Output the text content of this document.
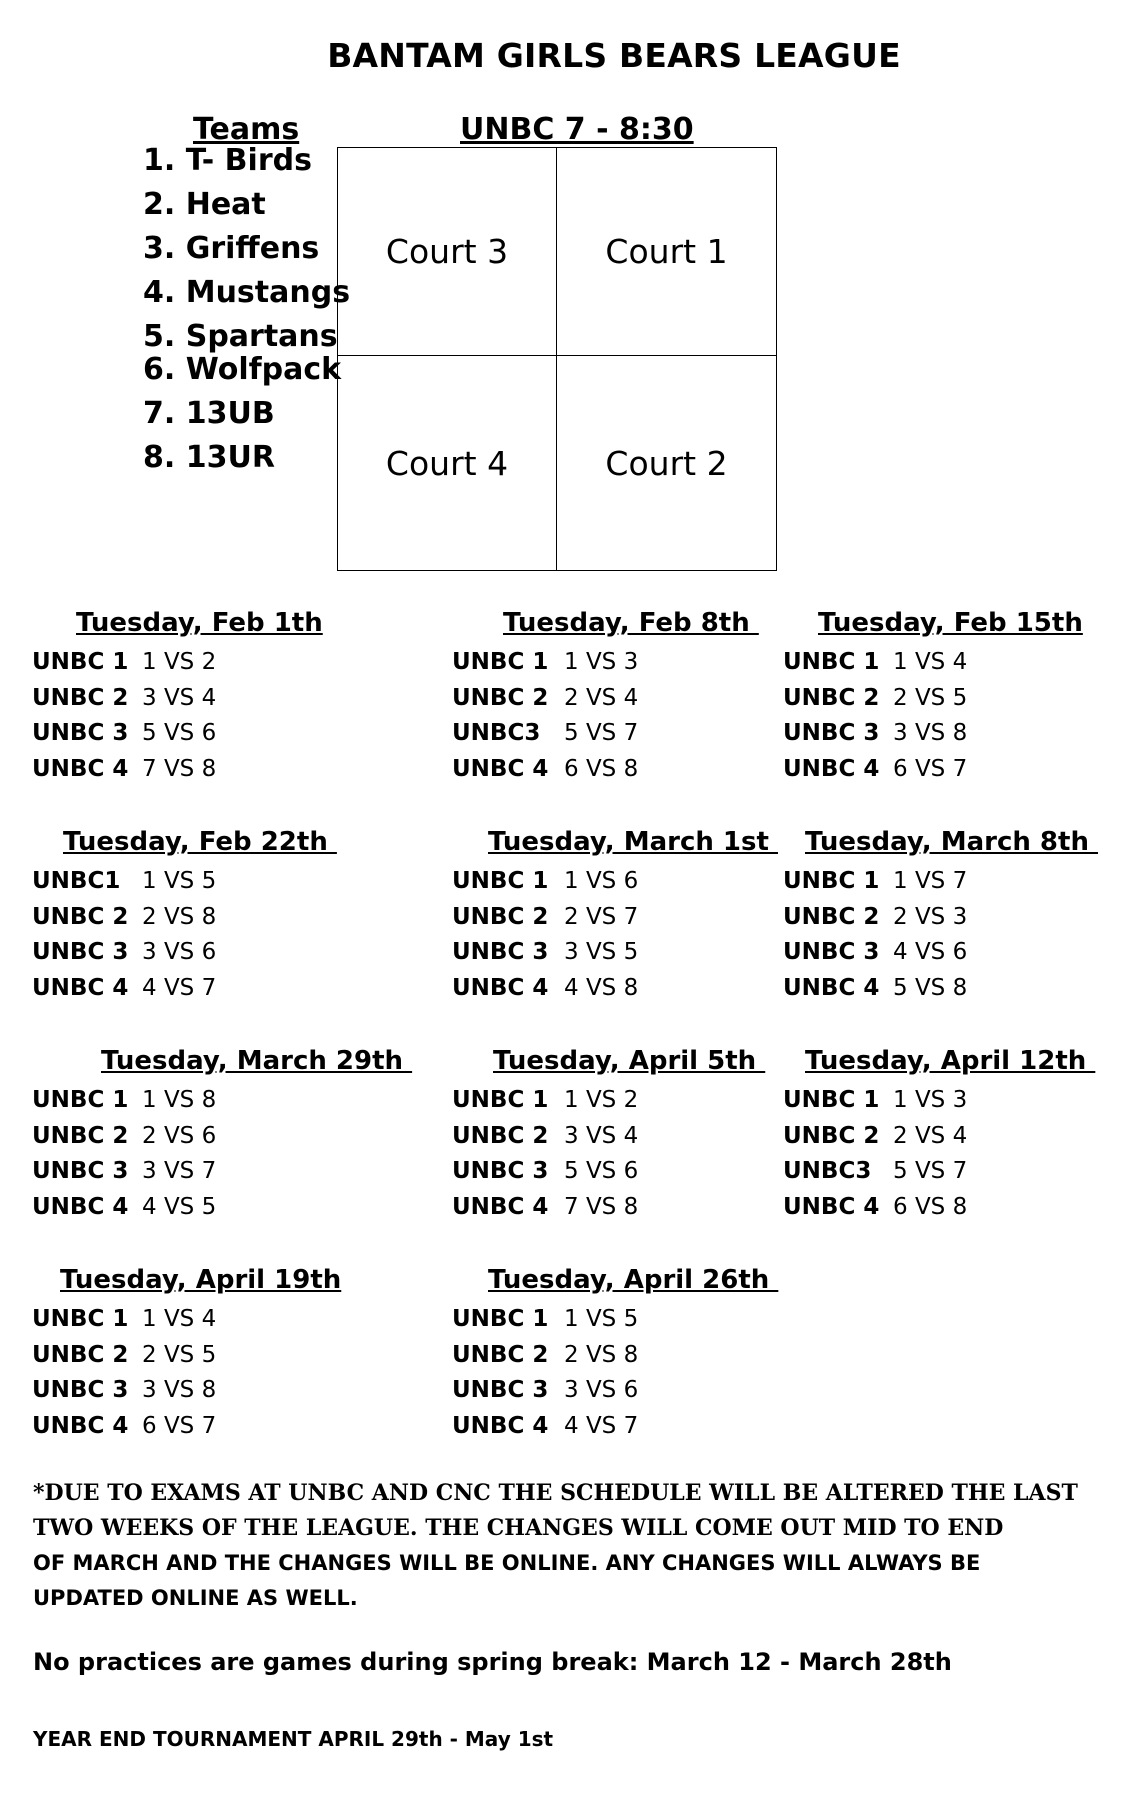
BANTAM GIRLS BEARS LEAGUE
Teams
1. T- Birds
2. Heat
3. Griffens
4. Mustangs
5. Spartans
6. Wolfpack
7. 13UB
8. 13UR
UNBC 7 - 8:30
Court 3	Court 1
Court 4	Court 2
Tuesday, Feb 1th
UNBC 1 1 VS 2
UNBC 2 3 VS 4
UNBC 3 5 VS 6
UNBC 4 7 VS 8
Tuesday, Feb 8th
UNBC 1 1 VS 3
UNBC 2 2 VS 4
UNBC3 5 VS 7
UNBC 4 6 VS 8
Tuesday, Feb 15th
UNBC 1 1 VS 4
UNBC 2 2 VS 5
UNBC 3 3 VS 8
UNBC 4 6 VS 7
Tuesday, Feb 22th
UNBC1 1 VS 5
UNBC 2 2 VS 8
UNBC 3 3 VS 6
UNBC 4 4 VS 7
Tuesday, March 1st
UNBC 1 1 VS 6
UNBC 2 2 VS 7
UNBC 3 3 VS 5
UNBC 4 4 VS 8
Tuesday, March 8th
UNBC 1 1 VS 7
UNBC 2 2 VS 3
UNBC 3 4 VS 6
UNBC 4 5 VS 8
Tuesday, March 29th
UNBC 1 1 VS 8
UNBC 2 2 VS 6
UNBC 3 3 VS 7
UNBC 4 4 VS 5
Tuesday, April 5th
UNBC 1 1 VS 2
UNBC 2 3 VS 4
UNBC 3 5 VS 6
UNBC 4 7 VS 8
Tuesday, April 12th
UNBC 1 1 VS 3
UNBC 2 2 VS 4
UNBC3 5 VS 7
UNBC 4 6 VS 8
Tuesday, April 19th
UNBC 1 1 VS 4
UNBC 2 2 VS 5
UNBC 3 3 VS 8
UNBC 4 6 VS 7
Tuesday, April 26th
UNBC 1 1 VS 5
UNBC 2 2 VS 8
UNBC 3 3 VS 6
UNBC 4 4 VS 7
*DUE TO EXAMS AT UNBC AND CNC THE SCHEDULE WILL BE ALTERED THE LAST
TWO WEEKS OF THE LEAGUE. THE CHANGES WILL COME OUT MID TO END
OF MARCH AND THE CHANGES WILL BE ONLINE. ANY CHANGES WILL ALWAYS BE
UPDATED ONLINE AS WELL.
No practices are games during spring break: March 12 - March 28th
YEAR END TOURNAMENT APRIL 29th - May 1st
